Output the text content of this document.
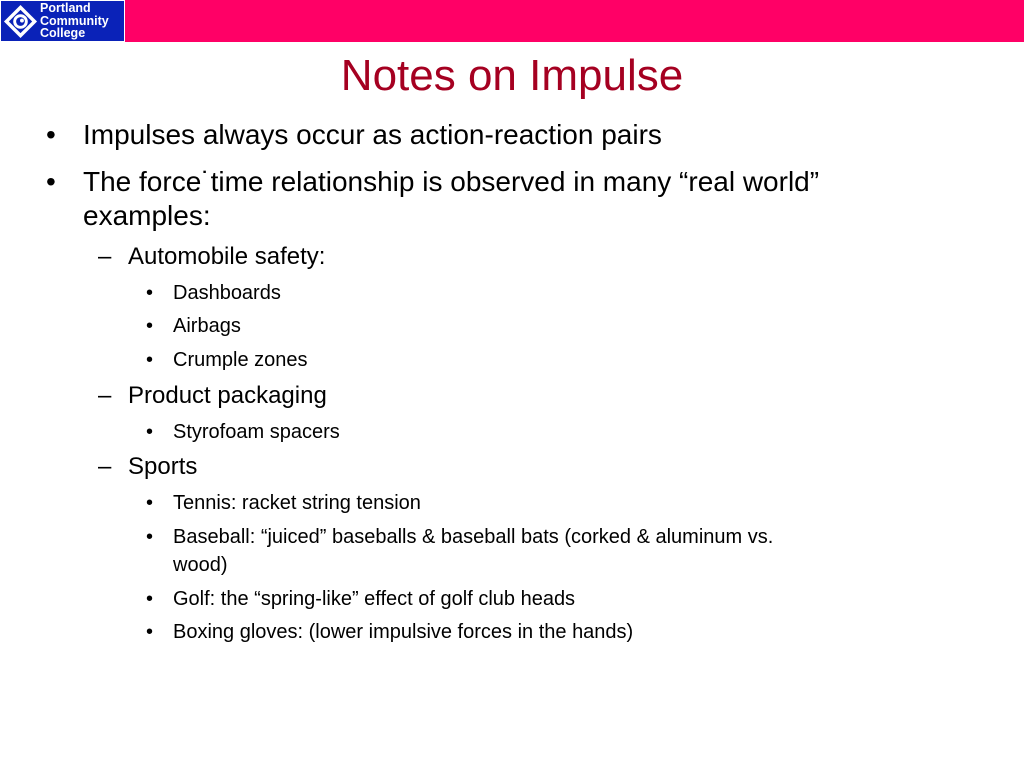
Portland
Community
College
Notes on Impulse
• Impulses always occur as action-reaction pairs
• The force˙time relationship is observed in many “real world”
examples:
– Automobile safety:
• Dashboards
• Airbags
• Crumple zones
– Product packaging
• Styrofoam spacers
– Sports
• Tennis: racket string tension
• Baseball: “juiced” baseballs & baseball bats (corked & aluminum vs.
wood)
• Golf: the “spring-like” effect of golf club heads
• Boxing gloves: (lower impulsive forces in the hands)
